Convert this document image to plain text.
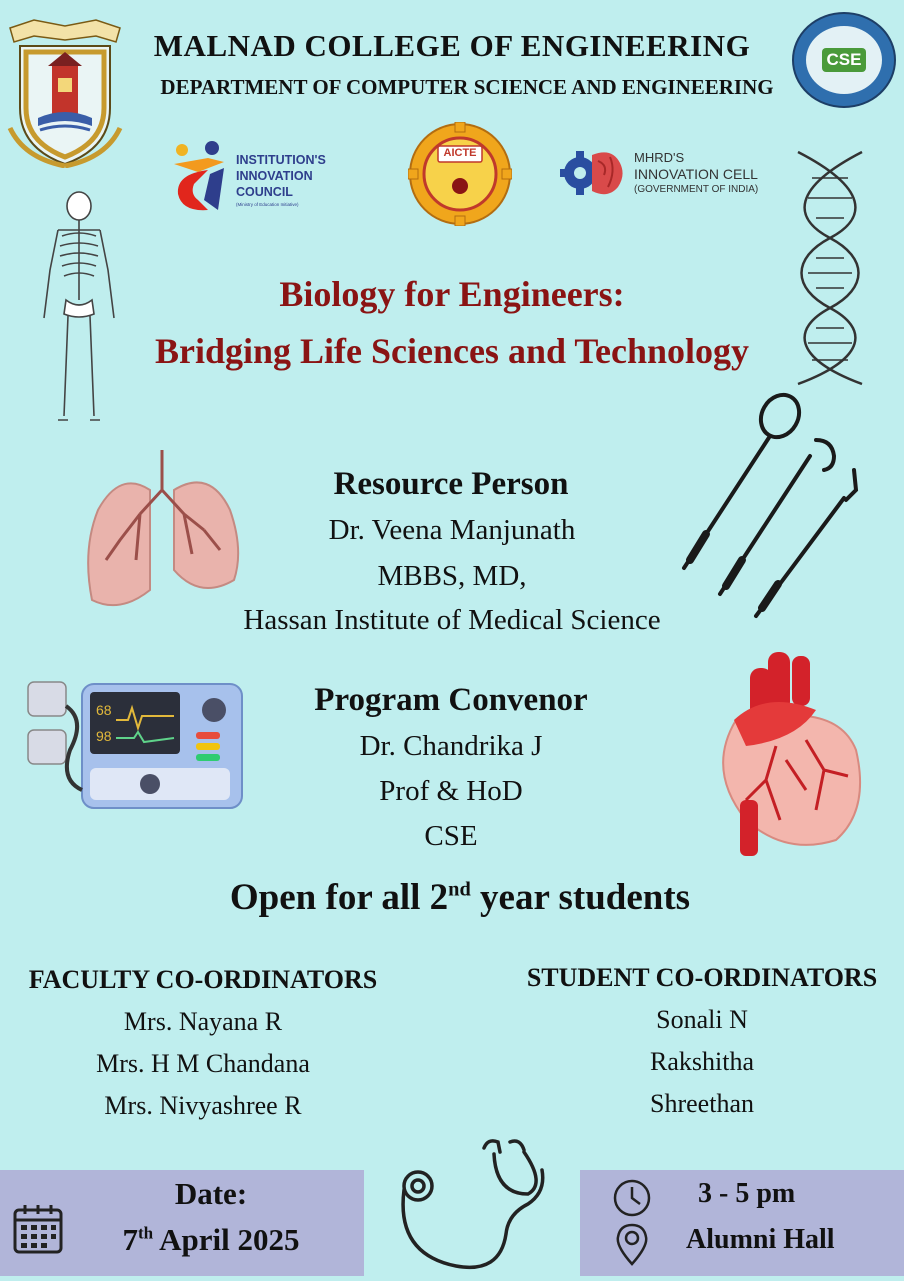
MALNAD COLLEGE OF ENGINEERING
DEPARTMENT OF COMPUTER SCIENCE AND ENGINEERING
CSE
INSTITUTION'S
INNOVATION
COUNCIL
(Ministry of Education Initiative)
AICTE	MHRD'S
INNOVATION CELL
(GOVERNMENT OF INDIA)
Biology for Engineers:
Bridging Life Sciences and Technology
Resource Person
Dr. Veena Manjunath
MBBS, MD,
Hassan Institute of Medical Science
68
98
Program Convenor
Dr. Chandrika J
Prof & HoD
CSE
Open for all 2nd year students
FACULTY CO-ORDINATORS
Mrs. Nayana R
Mrs. H M Chandana
Mrs. Nivyashree R
STUDENT CO-ORDINATORS
Sonali N
Rakshitha
Shreethan
Date:
7th April 2025
3 - 5 pm
Alumni Hall
